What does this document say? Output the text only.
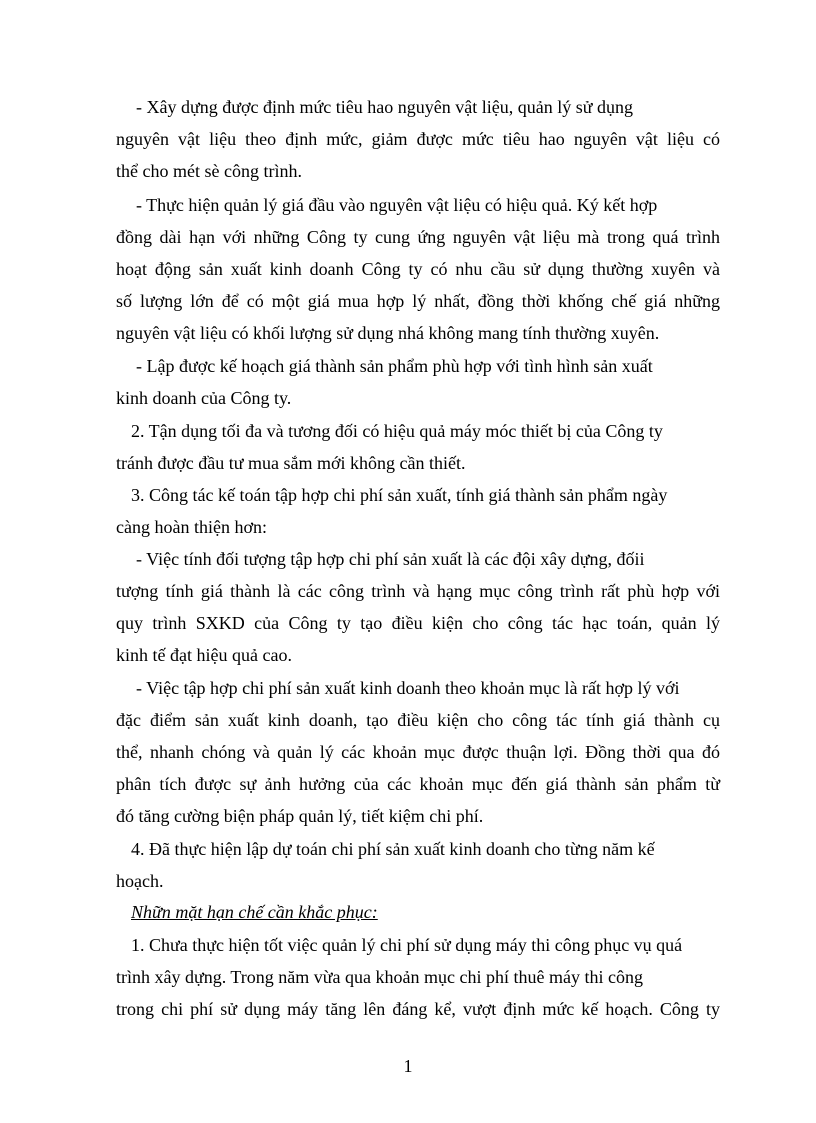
- Xây dựng được định mức tiêu hao nguyên vật liệu, quản lý sử dụng
nguyên vật liệu theo định mức, giảm được mức tiêu hao nguyên vật liệu có
thể cho mét sè công trình.
- Thực hiện quản lý giá đầu vào nguyên vật liệu có hiệu quả. Ký kết hợp
đồng dài hạn với những Công ty cung ứng nguyên vật liệu mà trong quá trình
hoạt động sản xuất kinh doanh Công ty có nhu cầu sử dụng thường xuyên và
số lượng lớn để có một giá mua hợp lý nhất, đồng thời khống chế giá những
nguyên vật liệu có khối lượng sử dụng nhá không mang tính thường xuyên.
- Lập được kế hoạch giá thành sản phẩm phù hợp với tình hình sản xuất
kinh doanh của Công ty.
2. Tận dụng tối đa và tương đối có hiệu quả máy móc thiết bị của Công ty
tránh được đầu tư mua sắm mới không cần thiết.
3. Công tác kế toán tập hợp chi phí sản xuất, tính giá thành sản phẩm ngày
càng hoàn thiện hơn:
- Việc tính đối tượng tập hợp chi phí sản xuất là các đội xây dựng, đốii
tượng tính giá thành là các công trình và hạng mục công trình rất phù hợp với
quy trình SXKD của Công ty tạo điều kiện cho công tác hạc toán, quản lý
kinh tế đạt hiệu quả cao.
- Việc tập hợp chi phí sản xuất kinh doanh theo khoản mục là rất hợp lý với
đặc điểm sản xuất kinh doanh, tạo điều kiện cho công tác tính giá thành cụ
thể, nhanh chóng và quản lý các khoản mục được thuận lợi. Đồng thời qua đó
phân tích được sự ảnh hưởng của các khoản mục đến giá thành sản phẩm từ
đó tăng cường biện pháp quản lý, tiết kiệm chi phí.
4. Đã thực hiện lập dự toán chi phí sản xuất kinh doanh cho từng năm kế
hoạch.
Nhữn mặt hạn chế cần khắc phục:
1. Chưa thực hiện tốt việc quản lý chi phí sử dụng máy thi công phục vụ quá
trình xây dựng. Trong năm vừa qua khoản mục chi phí thuê máy thi công
trong chi phí sử dụng máy tăng lên đáng kể, vượt định mức kế hoạch. Công ty
1
